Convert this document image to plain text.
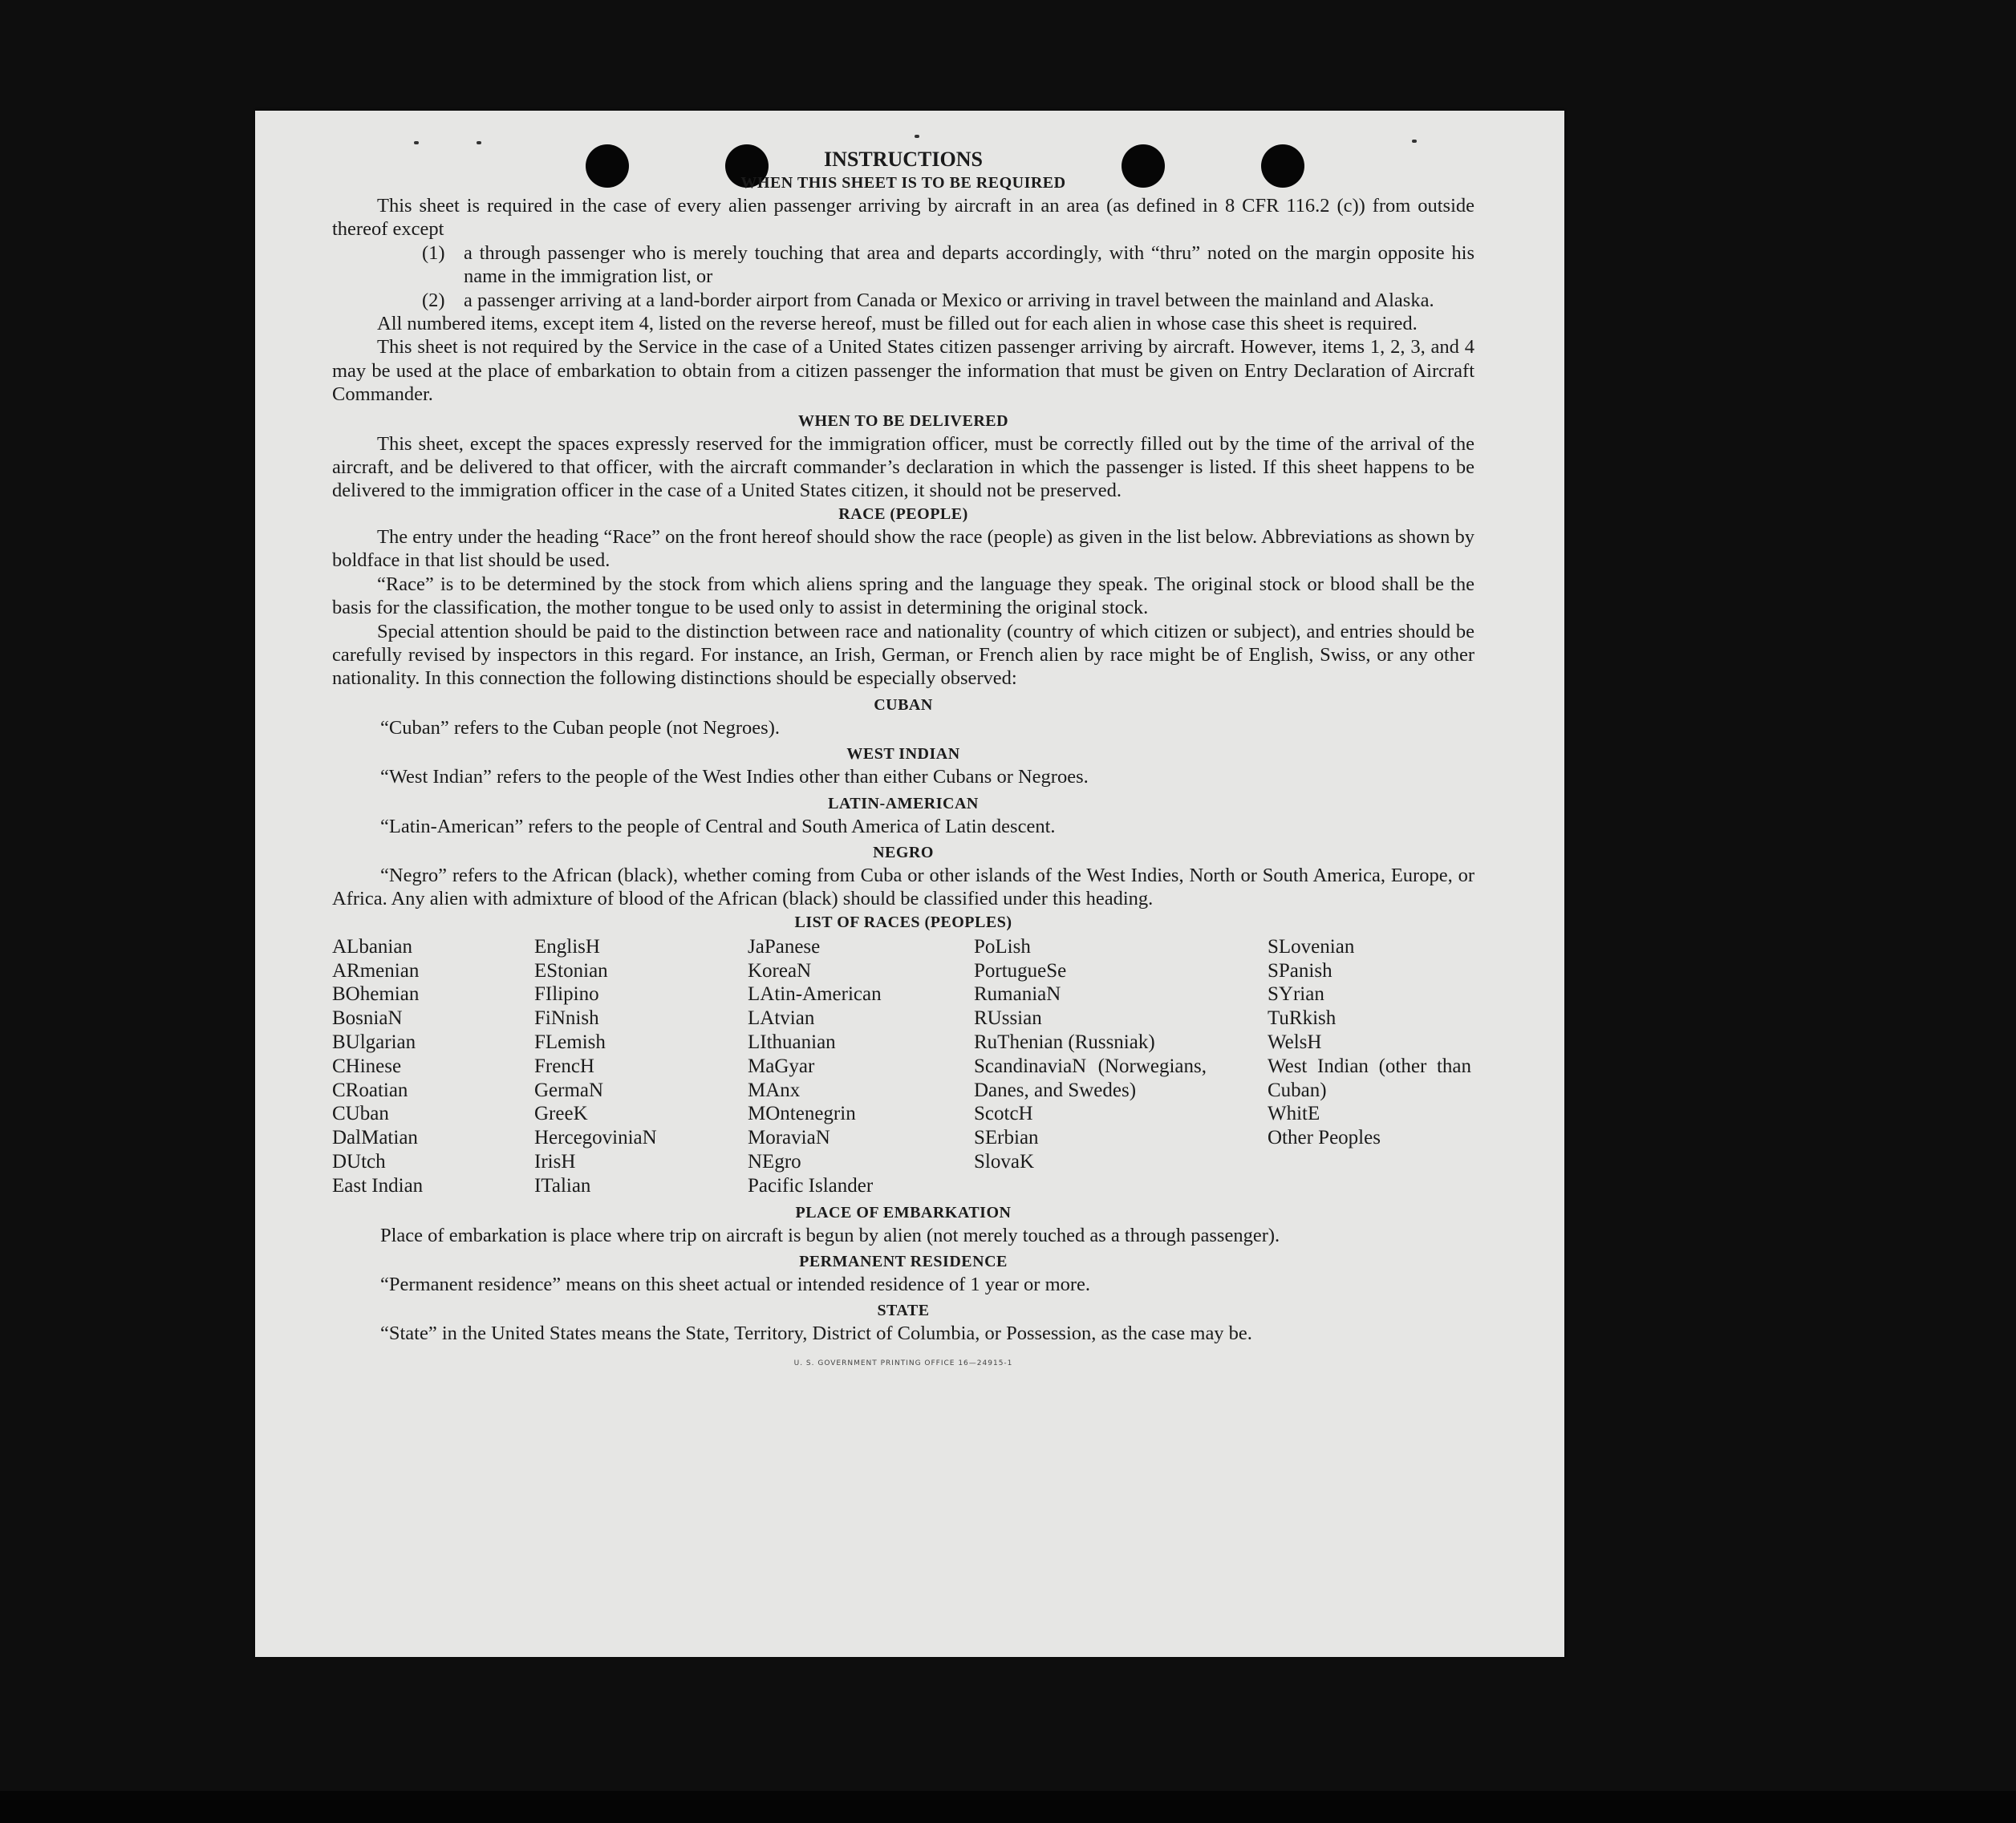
INSTRUCTIONS
WHEN THIS SHEET IS TO BE REQUIRED

This sheet is required in the case of every alien passenger arriving by aircraft in an area (as defined in 8 CFR 116.2 (c)) from outside thereof except

(1) a through passenger who is merely touching that area and departs accordingly, with “thru” noted on the margin opposite his name in the immigration list, or
(2) a passenger arriving at a land-border airport from Canada or Mexico or arriving in travel between the mainland and Alaska.

All numbered items, except item 4, listed on the reverse hereof, must be filled out for each alien in whose case this sheet is required.

This sheet is not required by the Service in the case of a United States citizen passenger arriving by aircraft. However, items 1, 2, 3, and 4 may be used at the place of embarkation to obtain from a citizen passenger the information that must be given on Entry Declaration of Aircraft Commander.

WHEN TO BE DELIVERED

This sheet, except the spaces expressly reserved for the immigration officer, must be correctly filled out by the time of the arrival of the aircraft, and be delivered to that officer, with the aircraft commander’s declaration in which the passenger is listed. If this sheet happens to be delivered to the immigration officer in the case of a United States citizen, it should not be preserved.

RACE (PEOPLE)

The entry under the heading “Race” on the front hereof should show the race (people) as given in the list below. Abbreviations as shown by boldface in that list should be used.

“Race” is to be determined by the stock from which aliens spring and the language they speak. The original stock or blood shall be the basis for the classification, the mother tongue to be used only to assist in determining the original stock.

Special attention should be paid to the distinction between race and nationality (country of which citizen or subject), and entries should be carefully revised by inspectors in this regard. For instance, an Irish, German, or French alien by race might be of English, Swiss, or any other nationality. In this connection the following distinctions should be especially observed:

CUBAN

“Cuban” refers to the Cuban people (not Negroes).

WEST INDIAN

“West Indian” refers to the people of the West Indies other than either Cubans or Negroes.

LATIN-AMERICAN

“Latin-American” refers to the people of Central and South America of Latin descent.

NEGRO

“Negro” refers to the African (black), whether coming from Cuba or other islands of the West Indies, North or South America, Europe, or Africa. Any alien with admixture of blood of the African (black) should be classified under this heading.

LIST OF RACES (PEOPLES)
ALbanian
ARmenian
BOhemian
BosniaN
BUlgarian
CHinese
CRoatian
CUban
DalMatian
DUtch
East Indian
EnglisH
EStonian
FIlipino
FiNnish
FLemish
FrencH
GermaN
GreeK
HercegoviniaN
IrisH
ITalian
JaPanese
KoreaN
LAtin-American
LAtvian
LIthuanian
MaGyar
MAnx
MOntenegrin
MoraviaN
NEgro
Pacific Islander
PoLish
PortugueSe
RumaniaN
RUssian
RuThenian (Russniak)
ScandinaviaN (Norwegians, Danes, and Swedes)
ScotcH
SErbian
SlovaK
SLovenian
SPanish
SYrian
TuRkish
WelsH
West Indian (other than Cuban)
WhitE
Other Peoples
PLACE OF EMBARKATION

Place of embarkation is place where trip on aircraft is begun by alien (not merely touched as a through passenger).

PERMANENT RESIDENCE

“Permanent residence” means on this sheet actual or intended residence of 1 year or more.

STATE

“State” in the United States means the State, Territory, District of Columbia, or Possession, as the case may be.

U. S. GOVERNMENT PRINTING OFFICE 16—24915-1
